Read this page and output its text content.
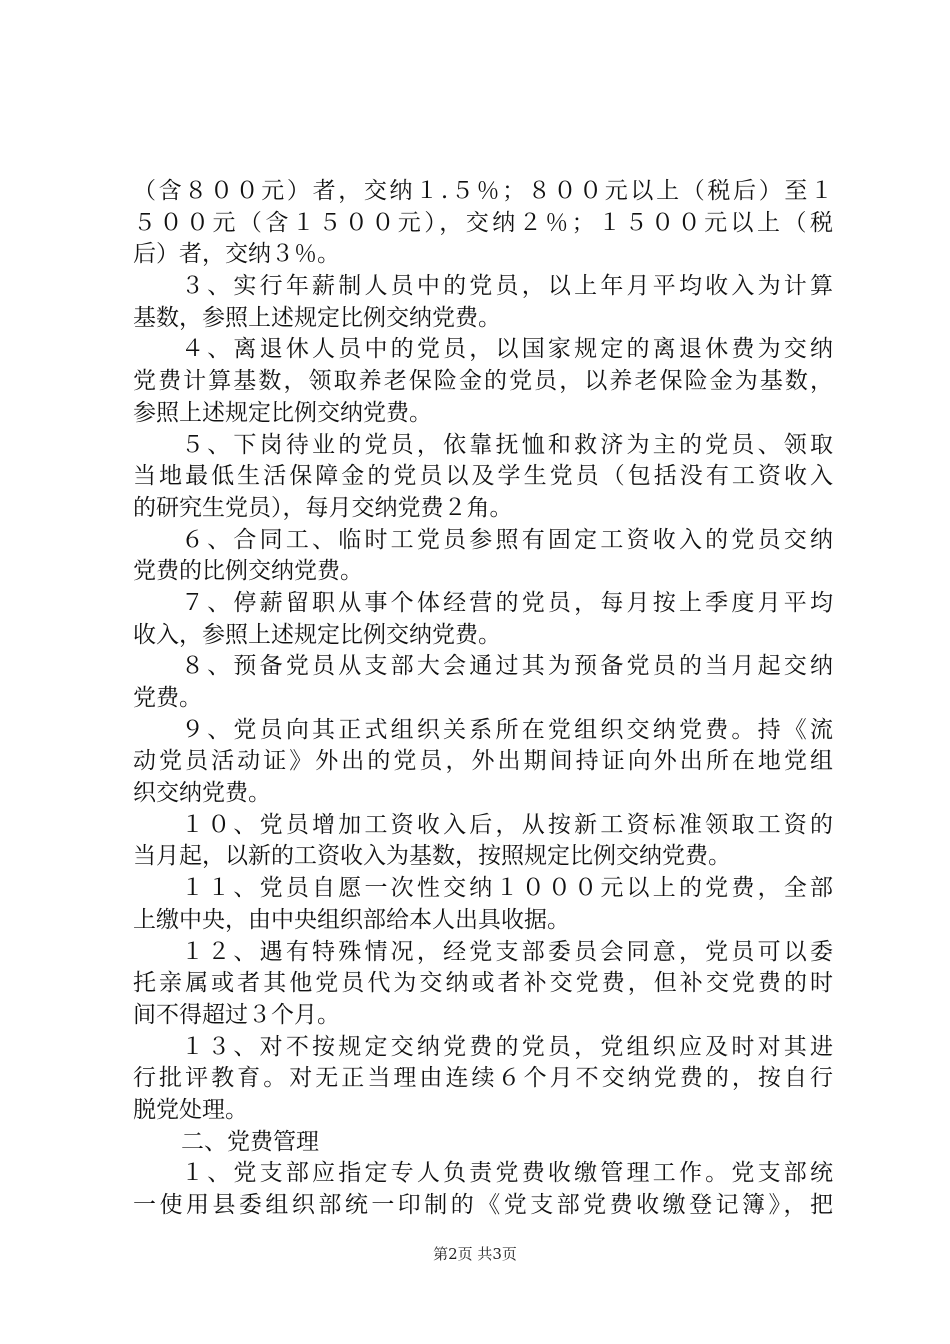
（含８００元）者，交纳１.５％；８００元以上（税后）至１
５００元（含１５００元），交纳２％；１５００元以上（税
后）者，交纳３％。
３、实行年薪制人员中的党员，以上年月平均收入为计算
基数，参照上述规定比例交纳党费。
４、离退休人员中的党员，以国家规定的离退休费为交纳
党费计算基数，领取养老保险金的党员，以养老保险金为基数，
参照上述规定比例交纳党费。
５、下岗待业的党员，依靠抚恤和救济为主的党员、领取
当地最低生活保障金的党员以及学生党员（包括没有工资收入
的研究生党员），每月交纳党费２角。
６、合同工、临时工党员参照有固定工资收入的党员交纳
党费的比例交纳党费。
７、停薪留职从事个体经营的党员，每月按上季度月平均
收入，参照上述规定比例交纳党费。
８、预备党员从支部大会通过其为预备党员的当月起交纳
党费。
９、党员向其正式组织关系所在党组织交纳党费。持《流
动党员活动证》外出的党员，外出期间持证向外出所在地党组
织交纳党费。
１０、党员增加工资收入后，从按新工资标准领取工资的
当月起，以新的工资收入为基数，按照规定比例交纳党费。
１１、党员自愿一次性交纳１０００元以上的党费，全部
上缴中央，由中央组织部给本人出具收据。
１２、遇有特殊情况，经党支部委员会同意，党员可以委
托亲属或者其他党员代为交纳或者补交党费，但补交党费的时
间不得超过３个月。
１３、对不按规定交纳党费的党员，党组织应及时对其进
行批评教育。对无正当理由连续６个月不交纳党费的，按自行
脱党处理。
二、党费管理
１、党支部应指定专人负责党费收缴管理工作。党支部统
一使用县委组织部统一印制的《党支部党费收缴登记簿》，把
第2页 共3页
